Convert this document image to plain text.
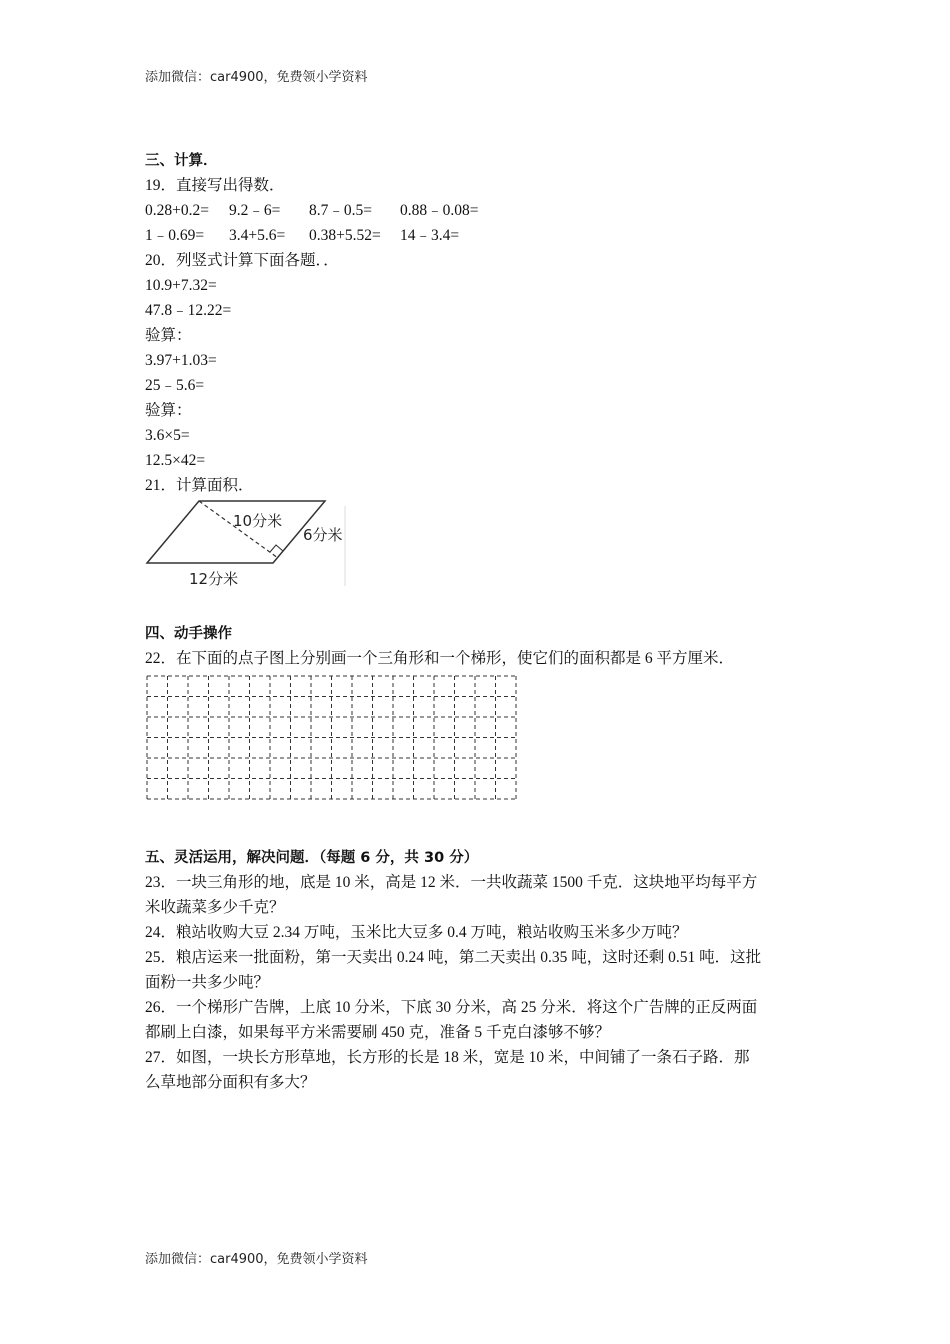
添加微信：car4900，免费领小学资料
三、计算．
19．直接写出得数．
0.28+0.2= 9.2﹣6= 8.7﹣0.5= 0.88﹣0.08=
1﹣0.69= 3.4+5.6= 0.38+5.52= 14﹣3.4=
20．列竖式计算下面各题．．
10.9+7.32=
47.8﹣12.22=
验算：
3.97+1.03=
25﹣5.6=
验算：
3.6×5=
12.5×42=
21．计算面积．
10分米
6分米
12分米
四、动手操作
22．在下面的点子图上分别画一个三角形和一个梯形，使它们的面积都是 6 平方厘米．
五、灵活运用，解决问题．（每题 6 分，共 30 分）
23．一块三角形的地，底是 10 米，高是 12 米．一共收蔬菜 1500 千克．这块地平均每平方
米收蔬菜多少千克？
24．粮站收购大豆 2.34 万吨，玉米比大豆多 0.4 万吨，粮站收购玉米多少万吨？
25．粮店运来一批面粉，第一天卖出 0.24 吨，第二天卖出 0.35 吨，这时还剩 0.51 吨．这批
面粉一共多少吨？
26．一个梯形广告牌，上底 10 分米，下底 30 分米，高 25 分米．将这个广告牌的正反两面
都刷上白漆，如果每平方米需要刷 450 克，准备 5 千克白漆够不够？
27．如图，一块长方形草地，长方形的长是 18 米，宽是 10 米，中间铺了一条石子路．那
么草地部分面积有多大？
添加微信：car4900，免费领小学资料
